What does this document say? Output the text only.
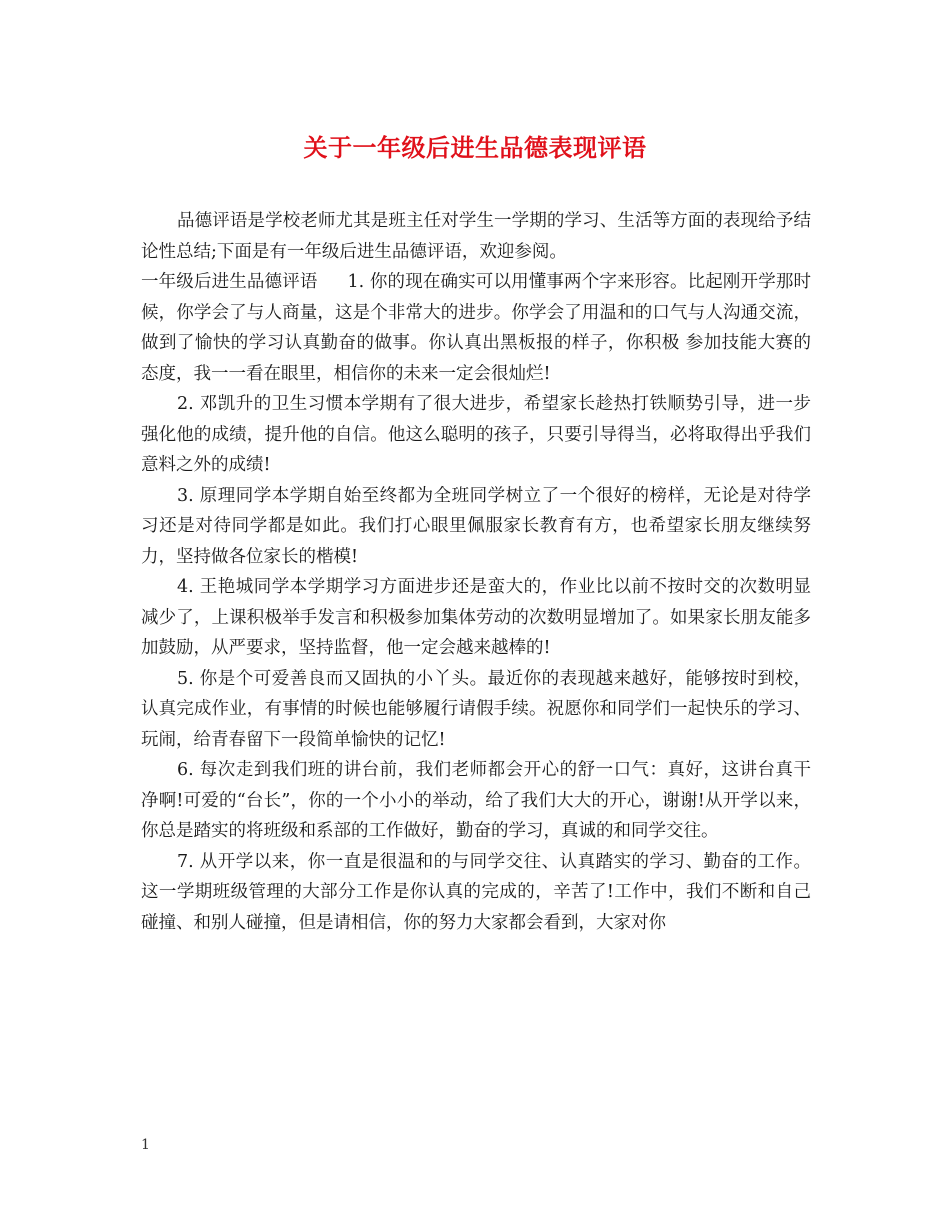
关于一年级后进生品德表现评语

品德评语是学校老师尤其是班主任对学生一学期的学习、生活等方面的表现给予结论性总结;下面是有一年级后进生品德评语，欢迎参阅。

一年级后进生品德评语 1. 你的现在确实可以用懂事两个字来形容。比起刚开学那时候，你学会了与人商量，这是个非常大的进步。你学会了用温和的口气与人沟通交流，做到了愉快的学习认真勤奋的做事。你认真出黑板报的样子，你积极 参加技能大赛的态度，我一一看在眼里，相信你的未来一定会很灿烂!

2. 邓凯升的卫生习惯本学期有了很大进步，希望家长趁热打铁顺势引导，进一步强化他的成绩，提升他的自信。他这么聪明的孩子，只要引导得当，必将取得出乎我们意料之外的成绩!

3. 原理同学本学期自始至终都为全班同学树立了一个很好的榜样，无论是对待学习还是对待同学都是如此。我们打心眼里佩服家长教育有方，也希望家长朋友继续努力，坚持做各位家长的楷模!

4. 王艳城同学本学期学习方面进步还是蛮大的，作业比以前不按时交的次数明显减少了，上课积极举手发言和积极参加集体劳动的次数明显增加了。如果家长朋友能多加鼓励，从严要求，坚持监督，他一定会越来越棒的!

5. 你是个可爱善良而又固执的小丫头。最近你的表现越来越好，能够按时到校，认真完成作业，有事情的时候也能够履行请假手续。祝愿你和同学们一起快乐的学习、玩闹，给青春留下一段简单愉快的记忆!

6. 每次走到我们班的讲台前，我们老师都会开心的舒一口气：真好，这讲台真干净啊!可爱的“台长”，你的一个小小的举动，给了我们大大的开心，谢谢!从开学以来，你总是踏实的将班级和系部的工作做好，勤奋的学习，真诚的和同学交往。

7. 从开学以来，你一直是很温和的与同学交往、认真踏实的学习、勤奋的工作。 这一学期班级管理的大部分工作是你认真的完成的，辛苦了!工作中，我们不断和自己碰撞、和别人碰撞，但是请相信，你的努力大家都会看到，大家对你

1
